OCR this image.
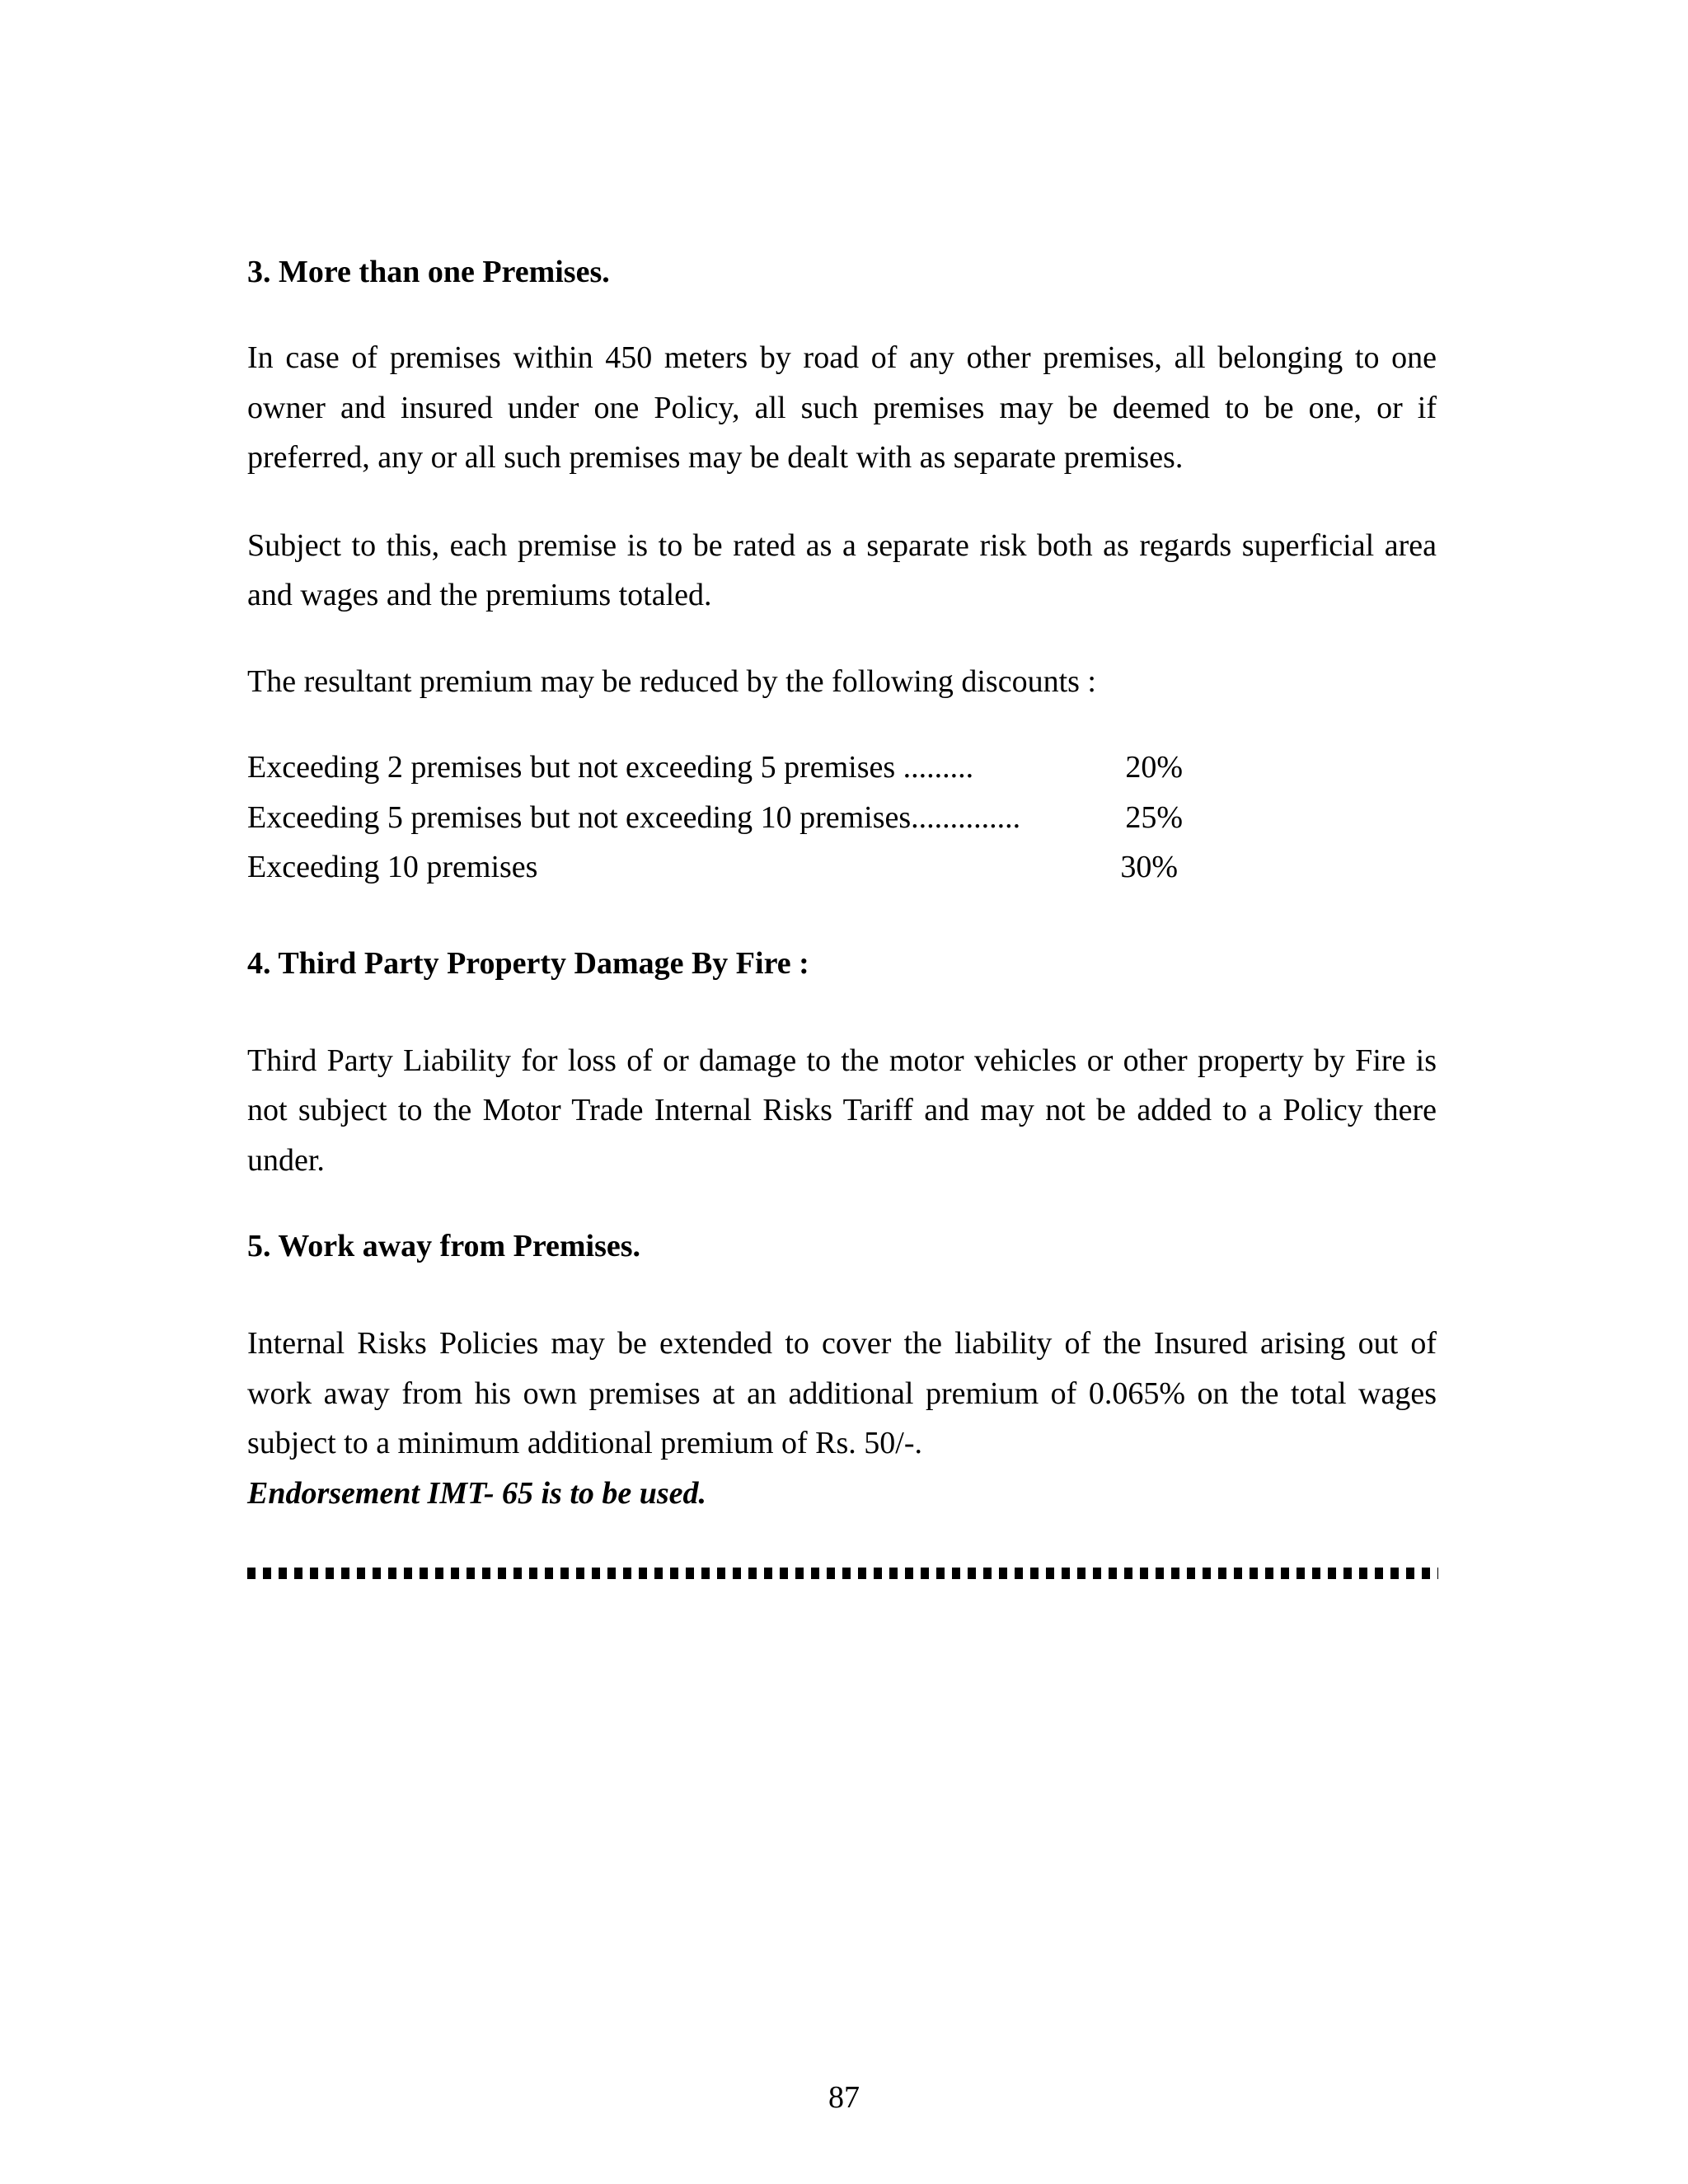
3. More than one Premises.

In case of premises within 450 meters by road of any other premises, all belonging to one owner and insured under one Policy, all such premises may be deemed to be one, or if preferred, any or all such premises may be dealt with as separate premises.

Subject to this, each premise is to be rated as a separate risk both as regards superficial area and wages and the premiums totaled.

The resultant premium may be reduced by the following discounts :

Exceeding 2 premises but not exceeding 5 premises .........	20%
Exceeding 5 premises but not exceeding 10 premises..............	25%
Exceeding 10 premises	30%
4. Third Party Property Damage By Fire :

Third Party Liability for loss of or damage to the motor vehicles or other property by Fire is not subject to the Motor Trade Internal Risks Tariff and may not be added to a Policy there under.

5. Work away from Premises.

Internal Risks Policies may be extended to cover the liability of the Insured arising out of work away from his own premises at an additional premium of 0.065% on the total wages subject to a minimum additional premium of Rs. 50/-.

Endorsement IMT- 65 is to be used.

87
